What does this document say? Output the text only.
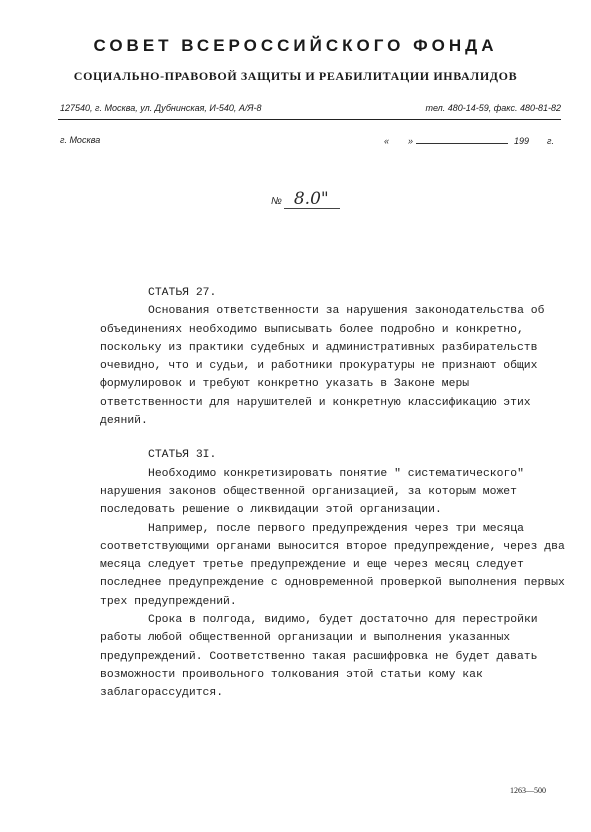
СОВЕТ ВСЕРОССИЙСКОГО ФОНДА
СОЦИАЛЬНО-ПРАВОВОЙ ЗАЩИТЫ И РЕАБИЛИТАЦИИ ИНВАЛИДОВ
127540, г. Москва, ул. Дубнинская, И-540, А/Я-8	тел. 480-14-59, факс. 480-81-82
г. Москва	«	»	199 г.
№ 8.0"
СТАТЬЯ 27.

Основания ответственности за нарушения законодательства об объединениях необходимо выписывать более подробно и конкретно, поскольку из практики судебных и административных разбирательств очевидно, что и судьи, и работники прокуратуры не признают общих формулировок и требуют конкретно указать в Законе меры ответственности для нарушителей и конкретную классификацию этих деяний.

СТАТЬЯ 3I.

Необходимо конкретизировать понятие " систематического" нарушения законов общественной организацией, за которым может последовать решение о ликвидации этой организации.

Например, после первого предупреждения через три месяца соответствующими органами выносится второе предупреждение, через два месяца следует третье предупреждение и еще через месяц следует последнее предупреждение с одновременной проверкой выполнения первых трех предупреждений.

Срока в полгода, видимо, будет достаточно для перестройки работы любой общественной организации и выполнения указанных предупреждений. Соответственно такая расшифровка не будет давать возможности проивольного толкования этой статьи кому как заблагорассудится.

1263—500
